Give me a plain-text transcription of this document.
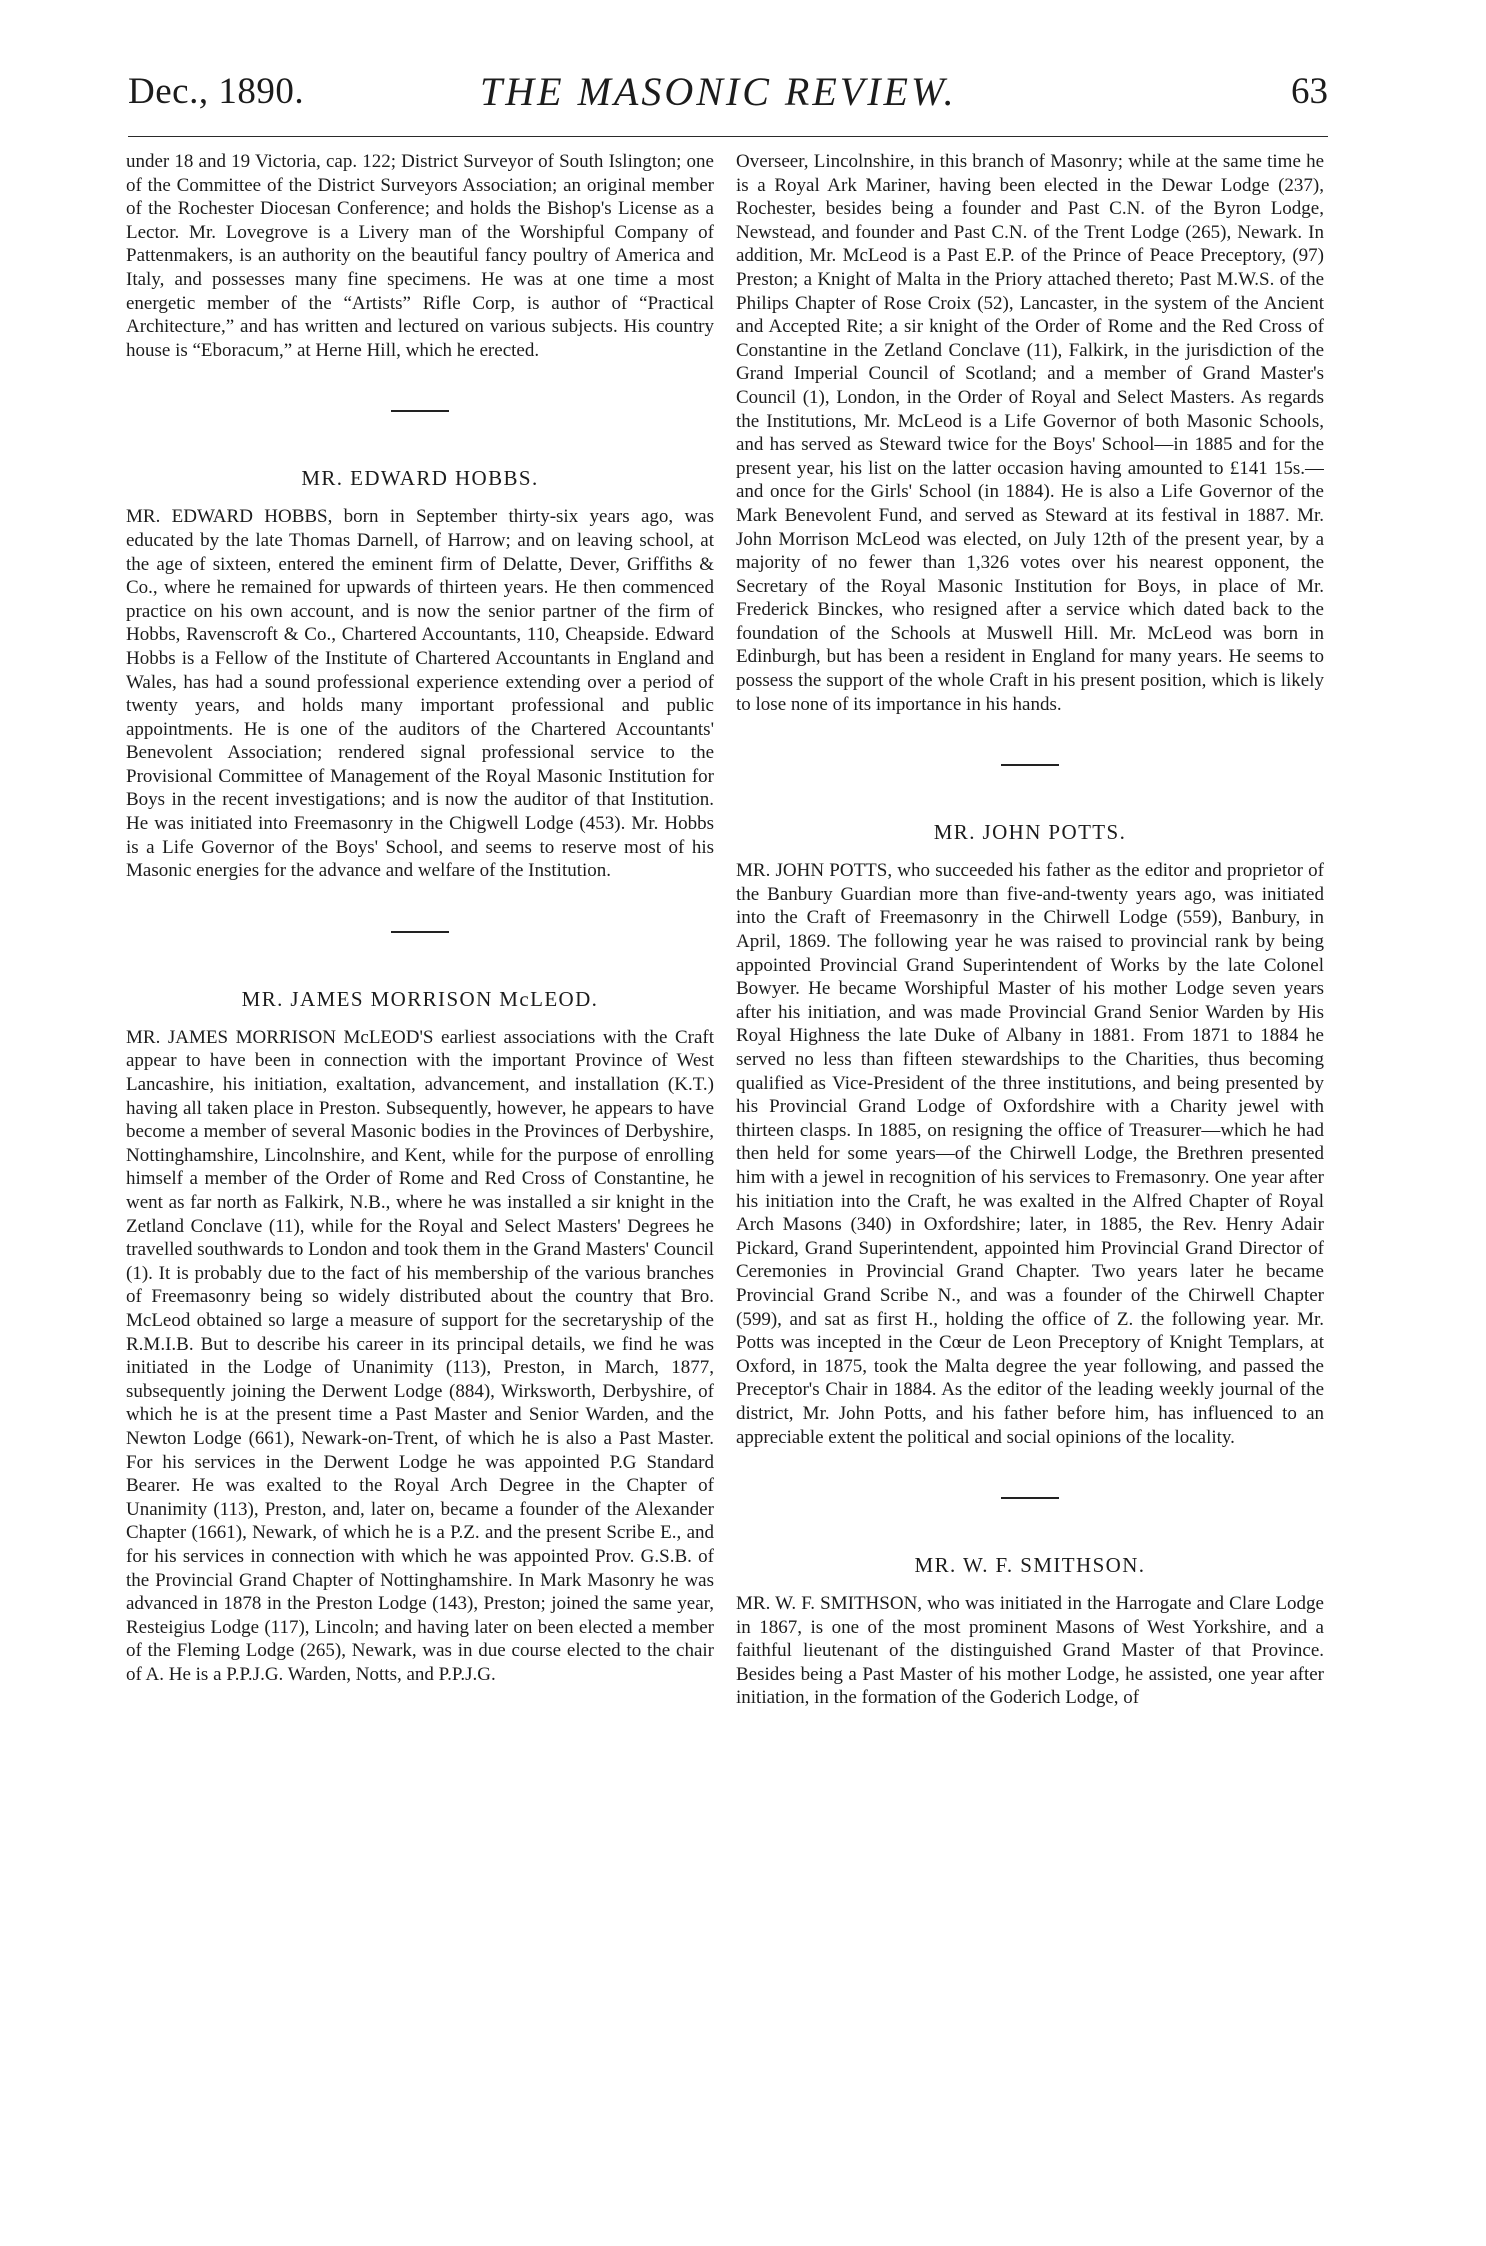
Dec., 1890.	THE MASONIC REVIEW.	63

under 18 and 19 Victoria, cap. 122; District Surveyor of South Islington; one of the Committee of the District Surveyors Association; an original member of the Rochester Diocesan Conference; and holds the Bishop's License as a Lector. Mr. Lovegrove is a Livery man of the Worshipful Company of Pattenmakers, is an authority on the beautiful fancy poultry of America and Italy, and possesses many fine specimens. He was at one time a most energetic member of the “Artists” Rifle Corp, is author of “Practical Architecture,” and has written and lectured on various subjects. His country house is “Eboracum,” at Herne Hill, which he erected.

MR. EDWARD HOBBS.

MR. EDWARD HOBBS, born in September thirty-six years ago, was educated by the late Thomas Darnell, of Harrow; and on leaving school, at the age of sixteen, entered the eminent firm of Delatte, Dever, Griffiths & Co., where he remained for upwards of thirteen years. He then commenced practice on his own account, and is now the senior partner of the firm of Hobbs, Ravenscroft & Co., Chartered Accountants, 110, Cheapside. Edward Hobbs is a Fellow of the Institute of Chartered Accountants in England and Wales, has had a sound professional experience extending over a period of twenty years, and holds many important professional and public appointments. He is one of the auditors of the Chartered Accountants' Benevolent Association; rendered signal professional service to the Provisional Committee of Management of the Royal Masonic Institution for Boys in the recent investigations; and is now the auditor of that Institution. He was initiated into Freemasonry in the Chigwell Lodge (453). Mr. Hobbs is a Life Governor of the Boys' School, and seems to reserve most of his Masonic energies for the advance and welfare of the Institution.

MR. JAMES MORRISON McLEOD.

MR. JAMES MORRISON McLEOD'S earliest associations with the Craft appear to have been in connection with the important Province of West Lancashire, his initiation, exaltation, advancement, and installation (K.T.) having all taken place in Preston. Subsequently, however, he appears to have become a member of several Masonic bodies in the Provinces of Derbyshire, Nottinghamshire, Lincolnshire, and Kent, while for the purpose of enrolling himself a member of the Order of Rome and Red Cross of Constantine, he went as far north as Falkirk, N.B., where he was installed a sir knight in the Zetland Conclave (11), while for the Royal and Select Masters' Degrees he travelled southwards to London and took them in the Grand Masters' Council (1). It is probably due to the fact of his membership of the various branches of Freemasonry being so widely distributed about the country that Bro. McLeod obtained so large a measure of support for the secretaryship of the R.M.I.B. But to describe his career in its principal details, we find he was initiated in the Lodge of Unanimity (113), Preston, in March, 1877, subsequently joining the Derwent Lodge (884), Wirksworth, Derbyshire, of which he is at the present time a Past Master and Senior Warden, and the Newton Lodge (661), Newark-on-Trent, of which he is also a Past Master. For his services in the Derwent Lodge he was appointed P.G Standard Bearer. He was exalted to the Royal Arch Degree in the Chapter of Unanimity (113), Preston, and, later on, became a founder of the Alexander Chapter (1661), Newark, of which he is a P.Z. and the present Scribe E., and for his services in connection with which he was appointed Prov. G.S.B. of the Provincial Grand Chapter of Nottinghamshire. In Mark Masonry he was advanced in 1878 in the Preston Lodge (143), Preston; joined the same year, Resteigius Lodge (117), Lincoln; and having later on been elected a member of the Fleming Lodge (265), Newark, was in due course elected to the chair of A. He is a P.P.J.G. Warden, Notts, and P.P.J.G.

Overseer, Lincolnshire, in this branch of Masonry; while at the same time he is a Royal Ark Mariner, having been elected in the Dewar Lodge (237), Rochester, besides being a founder and Past C.N. of the Byron Lodge, Newstead, and founder and Past C.N. of the Trent Lodge (265), Newark. In addition, Mr. McLeod is a Past E.P. of the Prince of Peace Preceptory, (97) Preston; a Knight of Malta in the Priory attached thereto; Past M.W.S. of the Philips Chapter of Rose Croix (52), Lancaster, in the system of the Ancient and Accepted Rite; a sir knight of the Order of Rome and the Red Cross of Constantine in the Zetland Conclave (11), Falkirk, in the jurisdiction of the Grand Imperial Council of Scotland; and a member of Grand Master's Council (1), London, in the Order of Royal and Select Masters. As regards the Institutions, Mr. McLeod is a Life Governor of both Masonic Schools, and has served as Steward twice for the Boys' School—in 1885 and for the present year, his list on the latter occasion having amounted to £141 15s.—and once for the Girls' School (in 1884). He is also a Life Governor of the Mark Benevolent Fund, and served as Steward at its festival in 1887. Mr. John Morrison McLeod was elected, on July 12th of the present year, by a majority of no fewer than 1,326 votes over his nearest opponent, the Secretary of the Royal Masonic Institution for Boys, in place of Mr. Frederick Binckes, who resigned after a service which dated back to the foundation of the Schools at Muswell Hill. Mr. McLeod was born in Edinburgh, but has been a resident in England for many years. He seems to possess the support of the whole Craft in his present position, which is likely to lose none of its importance in his hands.

MR. JOHN POTTS.

MR. JOHN POTTS, who succeeded his father as the editor and proprietor of the Banbury Guardian more than five-and-twenty years ago, was initiated into the Craft of Freemasonry in the Chirwell Lodge (559), Banbury, in April, 1869. The following year he was raised to provincial rank by being appointed Provincial Grand Superintendent of Works by the late Colonel Bowyer. He became Worshipful Master of his mother Lodge seven years after his initiation, and was made Provincial Grand Senior Warden by His Royal Highness the late Duke of Albany in 1881. From 1871 to 1884 he served no less than fifteen stewardships to the Charities, thus becoming qualified as Vice-President of the three institutions, and being presented by his Provincial Grand Lodge of Oxfordshire with a Charity jewel with thirteen clasps. In 1885, on resigning the office of Treasurer—which he had then held for some years—of the Chirwell Lodge, the Brethren presented him with a jewel in recognition of his services to Fremasonry. One year after his initiation into the Craft, he was exalted in the Alfred Chapter of Royal Arch Masons (340) in Oxfordshire; later, in 1885, the Rev. Henry Adair Pickard, Grand Superintendent, appointed him Provincial Grand Director of Ceremonies in Provincial Grand Chapter. Two years later he became Provincial Grand Scribe N., and was a founder of the Chirwell Chapter (599), and sat as first H., holding the office of Z. the following year. Mr. Potts was incepted in the Cœur de Leon Preceptory of Knight Templars, at Oxford, in 1875, took the Malta degree the year following, and passed the Preceptor's Chair in 1884. As the editor of the leading weekly journal of the district, Mr. John Potts, and his father before him, has influenced to an appreciable extent the political and social opinions of the locality.

MR. W. F. SMITHSON.

MR. W. F. SMITHSON, who was initiated in the Harrogate and Clare Lodge in 1867, is one of the most prominent Masons of West Yorkshire, and a faithful lieutenant of the distinguished Grand Master of that Province. Besides being a Past Master of his mother Lodge, he assisted, one year after initiation, in the formation of the Goderich Lodge, of
